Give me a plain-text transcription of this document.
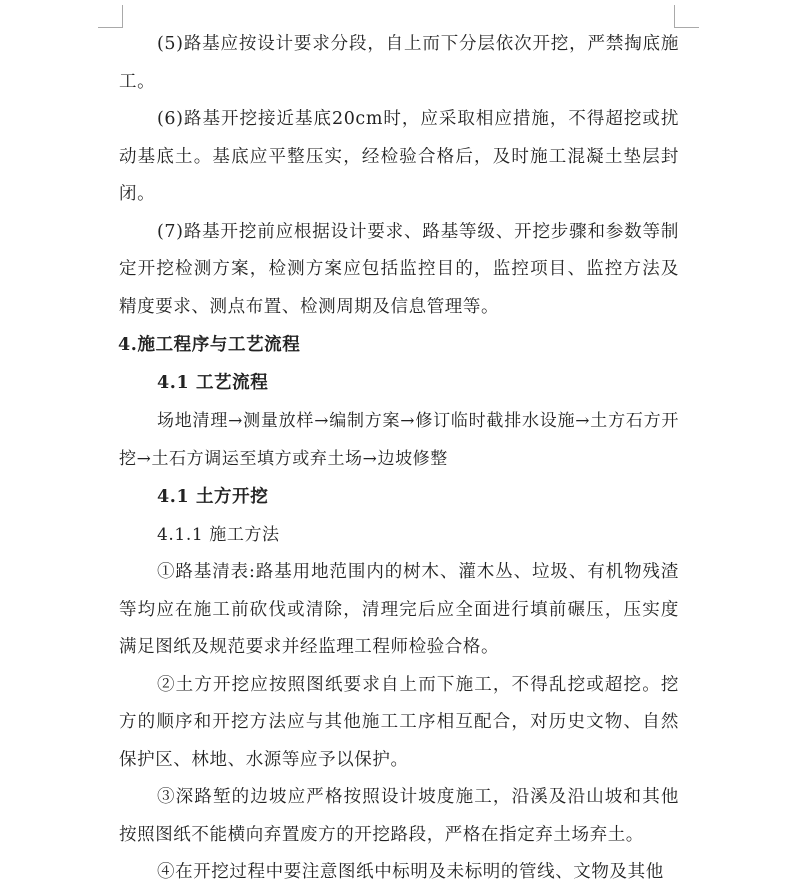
(5)路基应按设计要求分段，自上而下分层依次开挖，严禁掏底施工。

(6)路基开挖接近基底20cm时，应采取相应措施，不得超挖或扰动基底土。基底应平整压实，经检验合格后，及时施工混凝土垫层封闭。

(7)路基开挖前应根据设计要求、路基等级、开挖步骤和参数等制定开挖检测方案，检测方案应包括监控目的，监控项目、监控方法及精度要求、测点布置、检测周期及信息管理等。

4.施工程序与工艺流程

4.1 工艺流程

场地清理→测量放样→编制方案→修订临时截排水设施→土方石方开挖→土石方调运至填方或弃土场→边坡修整

4.1 土方开挖

4.1.1 施工方法

①路基清表:路基用地范围内的树木、灌木丛、垃圾、有机物残渣等均应在施工前砍伐或清除，清理完后应全面进行填前碾压，压实度满足图纸及规范要求并经监理工程师检验合格。

②土方开挖应按照图纸要求自上而下施工，不得乱挖或超挖。挖方的顺序和开挖方法应与其他施工工序相互配合，对历史文物、自然保护区、林地、水源等应予以保护。

③深路堑的边坡应严格按照设计坡度施工，沿溪及沿山坡和其他按照图纸不能横向弃置废方的开挖路段，严格在指定弃土场弃土。

④在开挖过程中要注意图纸中标明及未标明的管线、文物及其他
